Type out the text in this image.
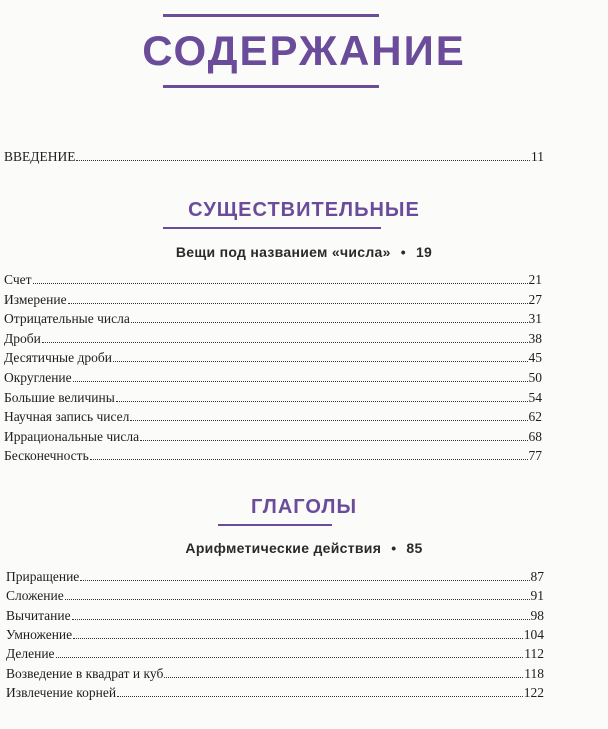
СОДЕРЖАНИЕ
ВВЕДЕНИЕ	11
СУЩЕСТВИТЕЛЬНЫЕ
Вещи под названием «числа» • 19
Счет	21
Измерение	27
Отрицательные числа	31
Дроби	38
Десятичные дроби	45
Округление	50
Большие величины	54
Научная запись чисел	62
Иррациональные числа	68
Бесконечность	77
ГЛАГОЛЫ
Арифметические действия • 85
Приращение	87
Сложение	91
Вычитание	98
Умножение	104
Деление	112
Возведение в квадрат и куб	118
Извлечение корней	122
